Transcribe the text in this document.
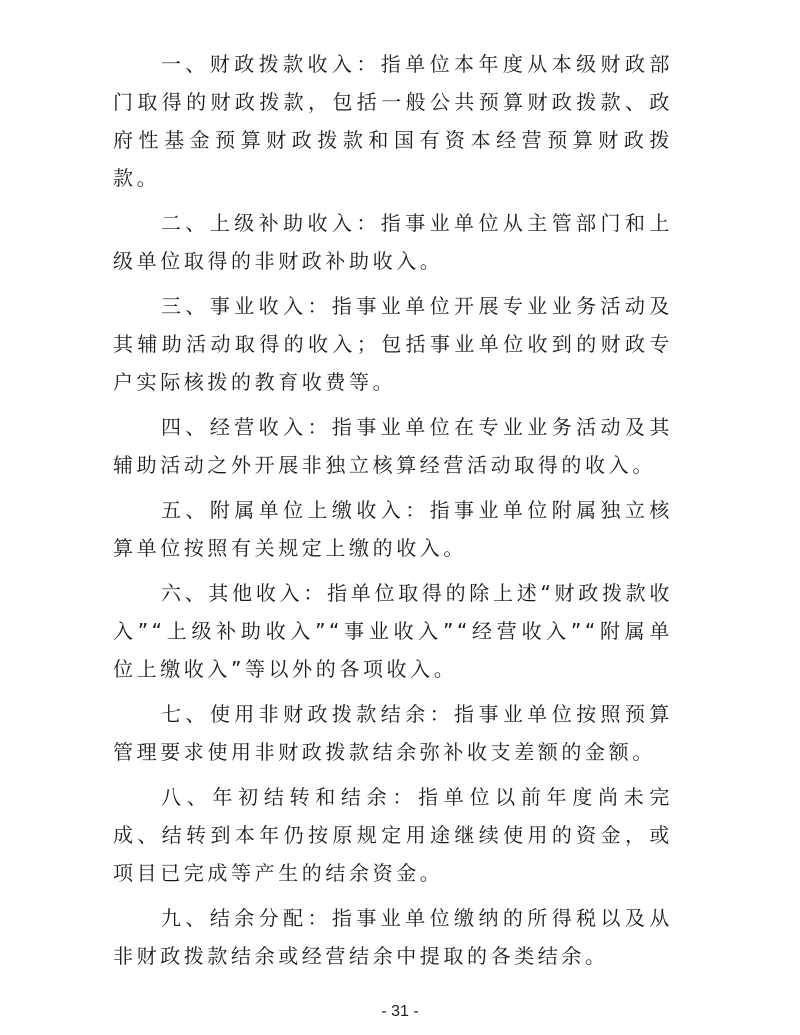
一、财政拨款收入：指单位本年度从本级财政部门取得的财政拨款，包括一般公共预算财政拨款、政府性基金预算财政拨款和国有资本经营预算财政拨款。

二、上级补助收入：指事业单位从主管部门和上级单位取得的非财政补助收入。

三、事业收入：指事业单位开展专业业务活动及其辅助活动取得的收入；包括事业单位收到的财政专户实际核拨的教育收费等。

四、经营收入：指事业单位在专业业务活动及其辅助活动之外开展非独立核算经营活动取得的收入。

五、附属单位上缴收入：指事业单位附属独立核算单位按照有关规定上缴的收入。

六、其他收入：指单位取得的除上述“财政拨款收入”“上级补助收入”“事业收入”“经营收入”“附属单位上缴收入”等以外的各项收入。

七、使用非财政拨款结余：指事业单位按照预算管理要求使用非财政拨款结余弥补收支差额的金额。

八、年初结转和结余：指单位以前年度尚未完成、结转到本年仍按原规定用途继续使用的资金，或项目已完成等产生的结余资金。

九、结余分配：指事业单位缴纳的所得税以及从非财政拨款结余或经营结余中提取的各类结余。

- 31 -
